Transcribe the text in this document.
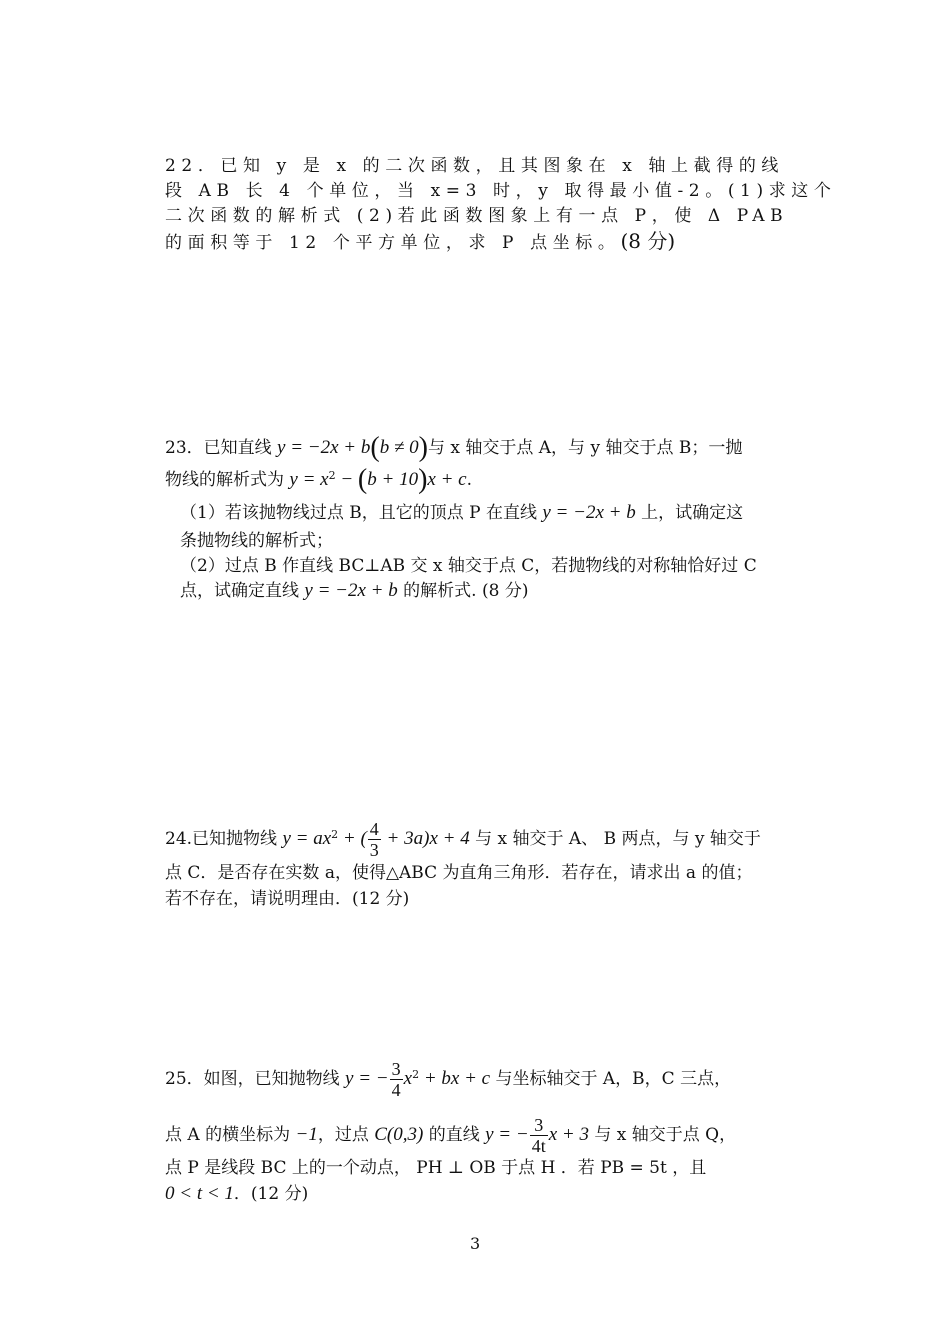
22．已知 y 是 x 的二次函数，且其图象在 x 轴上截得的线
段 AB 长 4 个单位，当 x=3 时，y 取得最小值-2。(1)求这个
二次函数的解析式 (2)若此函数图象上有一点 P，使 Δ PAB
的面积等于 12 个平方单位，求 P 点坐标。(8 分)
23．已知直线 y = −2x + b(b ≠ 0)与 x 轴交于点 A，与 y 轴交于点 B；一抛
物线的解析式为 $y = x^2 - (b + 10)x + c$.
（1）若该抛物线过点 B，且它的顶点 P 在直线 y = −2x + b 上，试确定这
条抛物线的解析式；
（2）过点 B 作直线 BC⊥AB 交 x 轴交于点 C，若抛物线的对称轴恰好过 C
点，试确定直线 y = −2x + b 的解析式. (8 分)
24.已知抛物线 $y = ax^2$ + ( $\frac{4}{3} + 3a)x + 4$ 与 x 轴交于 A、 B 两点，与 y 轴交于
点 C．是否存在实数 a，使得△ABC 为直角三角形．若存在，请求出 a 的值；
若不存在，请说明理由．(12 分)
25．如图，已知抛物线 y = − $\frac{3}{4} x^2$ + bx + c 与坐标轴交于 A，B，C 三点，
点 A 的横坐标为 −1，过点 C(0,3) 的直线 y = − $\frac{3}{4t}$ x + 3 与 x 轴交于点 Q，
点 P 是线段 BC 上的一个动点， PH ⊥ OB 于点 H ．若 PB = 5t ，且
0 < t < 1．(12 分)
3
